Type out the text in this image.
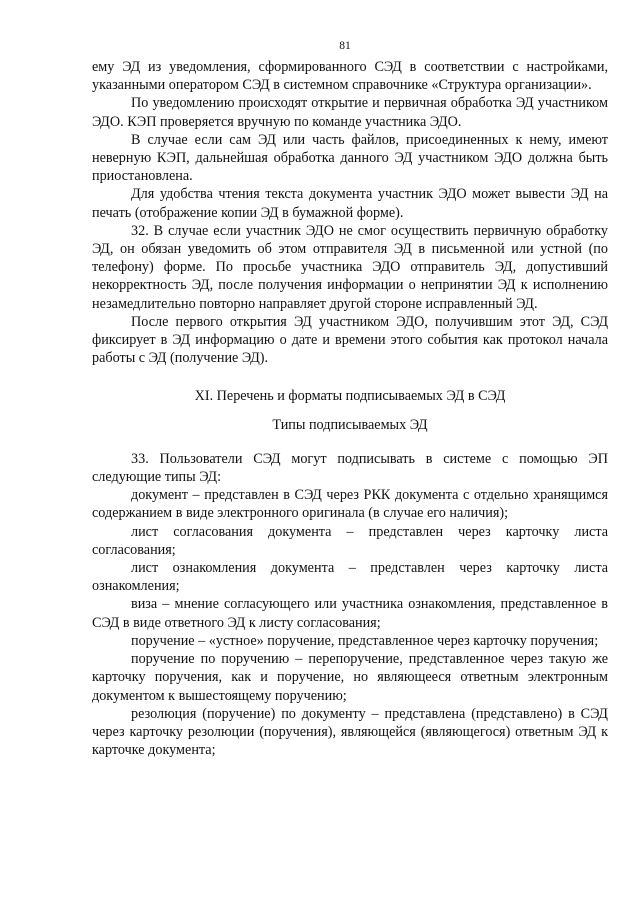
81

ему ЭД из уведомления, сформированного СЭД в соответствии с настройками, указанными оператором СЭД в системном справочнике «Структура организации».

По уведомлению происходят открытие и первичная обработка ЭД участником ЭДО. КЭП проверяется вручную по команде участника ЭДО.

В случае если сам ЭД или часть файлов, присоединенных к нему, имеют неверную КЭП, дальнейшая обработка данного ЭД участником ЭДО должна быть приостановлена.

Для удобства чтения текста документа участник ЭДО может вывести ЭД на печать (отображение копии ЭД в бумажной форме).

32. В случае если участник ЭДО не смог осуществить первичную обработку ЭД, он обязан уведомить об этом отправителя ЭД в письменной или устной (по телефону) форме. По просьбе участника ЭДО отправитель ЭД, допустивший некорректность ЭД, после получения информации о непринятии ЭД к исполнению незамедлительно повторно направляет другой стороне исправленный ЭД.

После первого открытия ЭД участником ЭДО, получившим этот ЭД, СЭД фиксирует в ЭД информацию о дате и времени этого события как протокол начала работы с ЭД (получение ЭД).

XI. Перечень и форматы подписываемых ЭД в СЭД

Типы подписываемых ЭД

33. Пользователи СЭД могут подписывать в системе с помощью ЭП следующие типы ЭД:

документ – представлен в СЭД через РКК документа с отдельно хранящимся содержанием в виде электронного оригинала (в случае его наличия);

лист согласования документа – представлен через карточку листа согласования;

лист ознакомления документа – представлен через карточку листа ознакомления;

виза – мнение согласующего или участника ознакомления, представленное в СЭД в виде ответного ЭД к листу согласования;

поручение – «устное» поручение, представленное через карточку поручения;

поручение по поручению – перепоручение, представленное через такую же карточку поручения, как и поручение, но являющееся ответным электронным документом к вышестоящему поручению;

резолюция (поручение) по документу – представлена (представлено) в СЭД через карточку резолюции (поручения), являющейся (являющегося) ответным ЭД к карточке документа;
